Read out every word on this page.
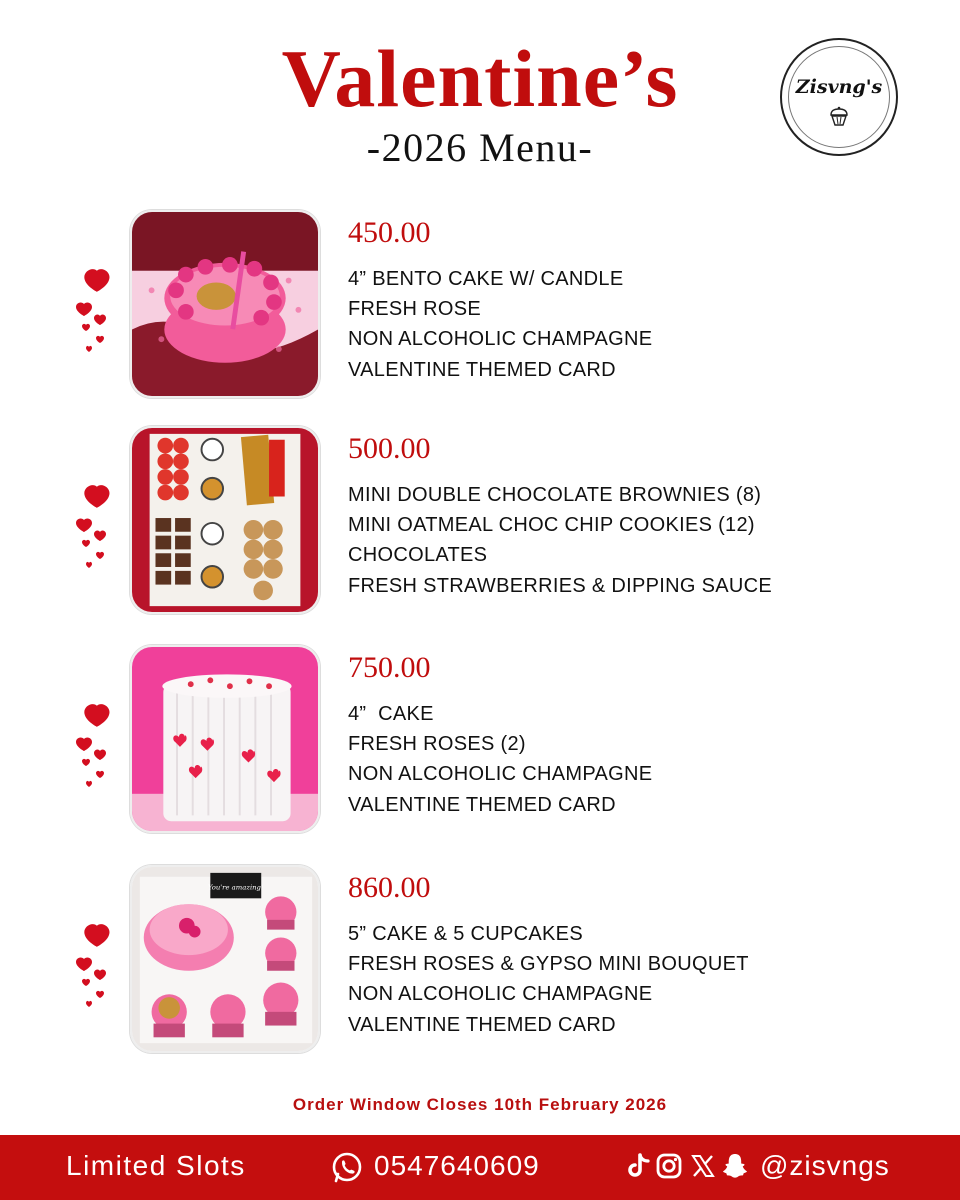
Valentine’s
-2026 Menu-
Zisvng's
450.00
4” BENTO CAKE W/ CANDLE
FRESH ROSE
NON ALCOHOLIC CHAMPAGNE
VALENTINE THEMED CARD
500.00
MINI DOUBLE CHOCOLATE BROWNIES (8)
MINI OATMEAL CHOC CHIP COOKIES (12)
CHOCOLATES
FRESH STRAWBERRIES & DIPPING SAUCE
750.00
4”  CAKE
FRESH ROSES (2)
NON ALCOHOLIC CHAMPAGNE
VALENTINE THEMED CARD
You're amazing!	860.00
5” CAKE & 5 CUPCAKES
FRESH ROSES & GYPSO MINI BOUQUET
NON ALCOHOLIC CHAMPAGNE
VALENTINE THEMED CARD
Order Window Closes 10th February 2026
Limited Slots	0547640609	@zisvngs
